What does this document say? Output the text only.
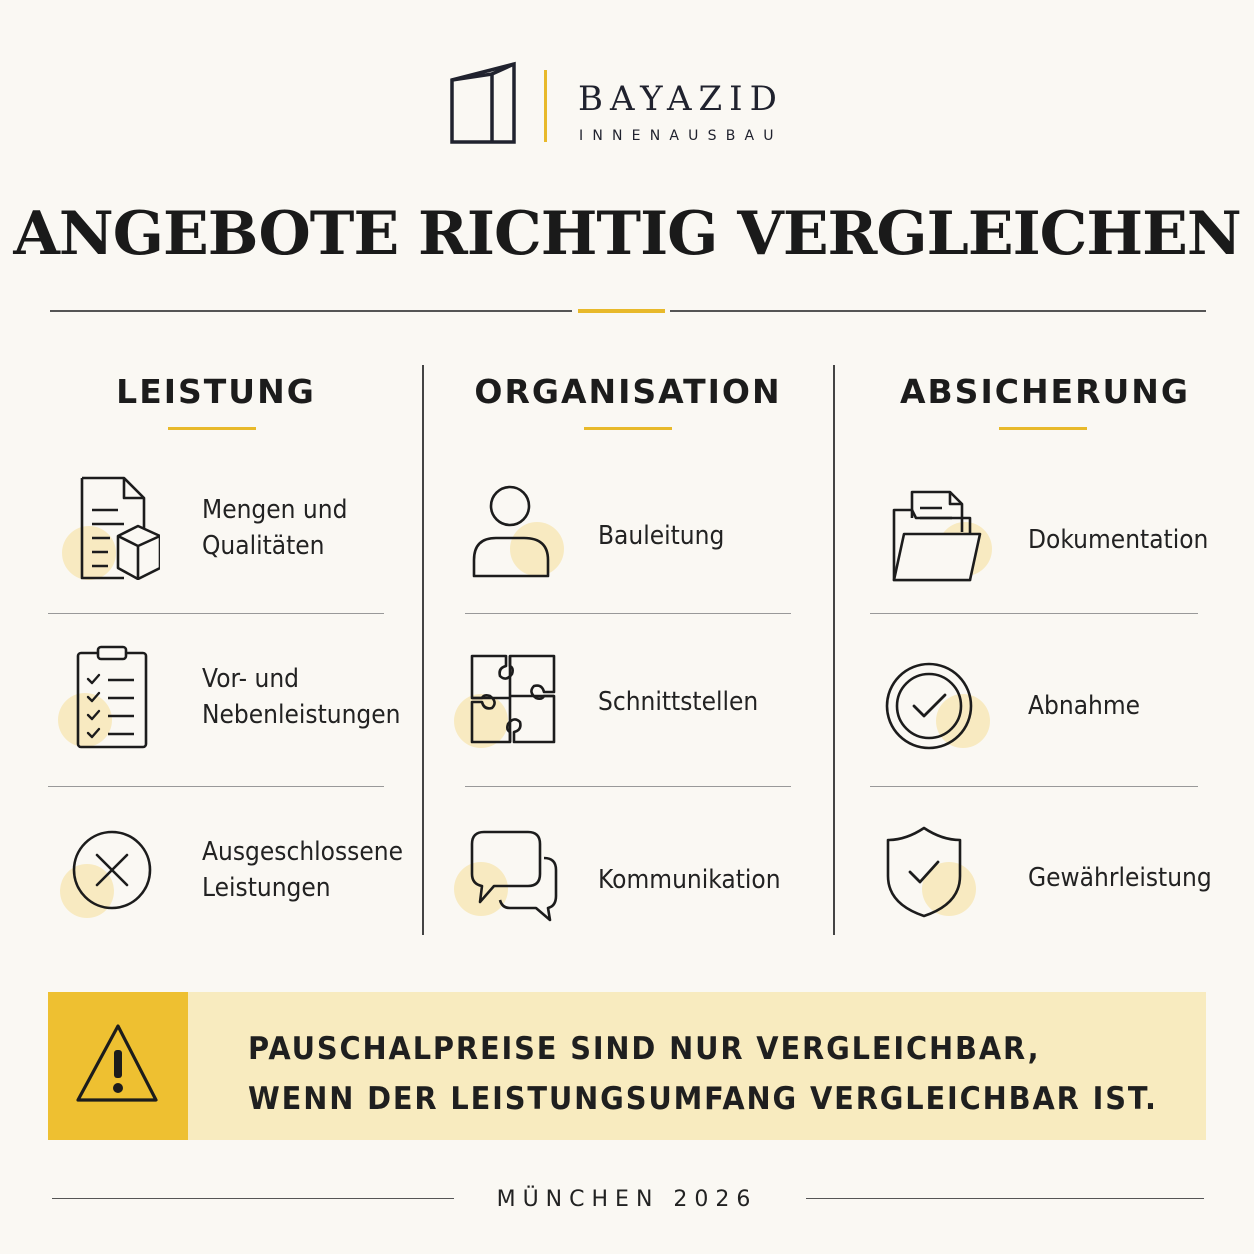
BAYAZID
INNENAUSBAU
ANGEBOTE RICHTIG VERGLEICHEN
LEISTUNG	ORGANISATION	ABSICHERUNG
Mengen und
Qualitäten
Vor- und
Nebenleistungen
Ausgeschlossene
Leistungen
Bauleitung
Schnittstellen
Kommunikation
Dokumentation
Abnahme
Gewährleistung
PAUSCHALPREISE SIND NUR VERGLEICHBAR,
WENN DER LEISTUNGSUMFANG VERGLEICHBAR IST.
MÜNCHEN 2026
